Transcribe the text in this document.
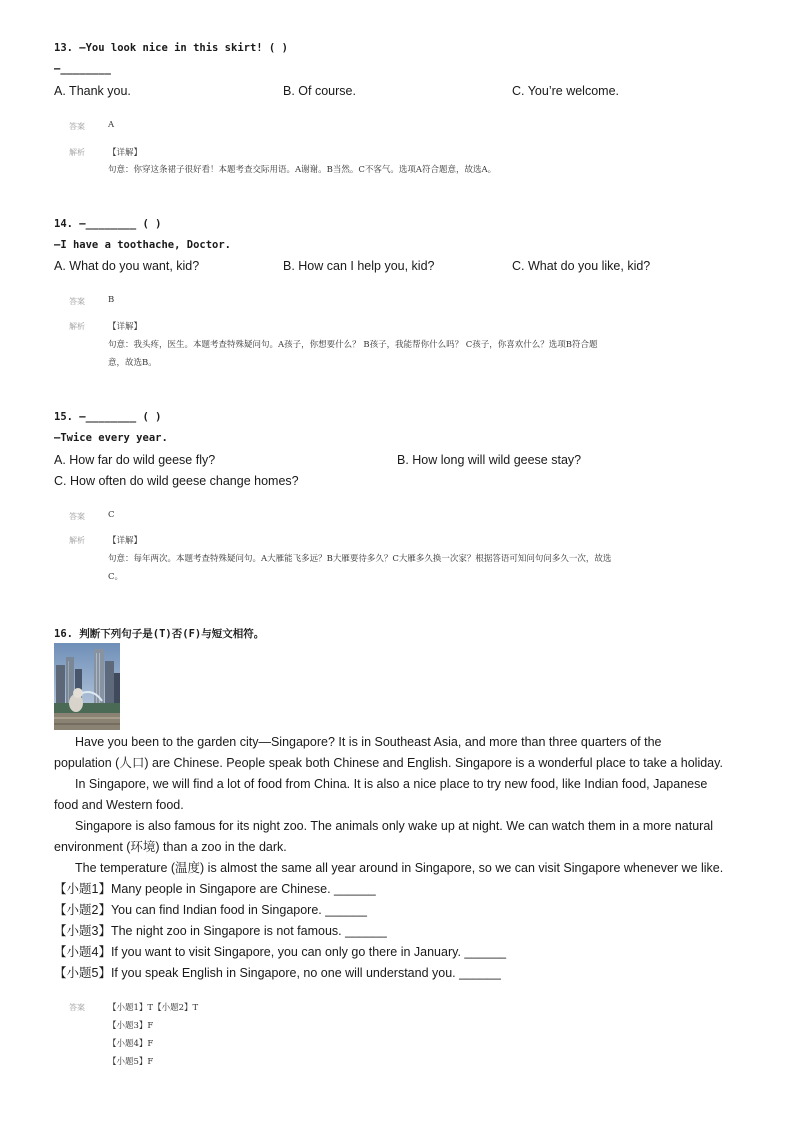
13. —You look nice in this skirt! ( )
—________
A. Thank you.	B. Of course.	C. You’re welcome.
答案	A
解析	【详解】
句意：你穿这条裙子很好看！本题考查交际用语。A谢谢。B当然。C不客气。选项A符合题意，故选A。
14. —________ ( )
—I have a toothache, Doctor.
A. What do you want, kid?	B. How can I help you, kid?	C. What do you like, kid?
答案	B
解析	【详解】
句意：我头疼，医生。本题考查特殊疑问句。A孩子，你想要什么？ B孩子，我能帮你什么吗？ C孩子，你喜欢什么？选项B符合题
意，故选B。
15. —________ ( )
—Twice every year.
A. How far do wild geese fly?	B. How long will wild geese stay?
C. How often do wild geese change homes?
答案	C
解析	【详解】
句意：每年两次。本题考查特殊疑问句。A大雁能飞多远？B大雁要待多久？C大雁多久换一次家？根据答语可知问句问多久一次，故选
C。
16. 判断下列句子是(T)否(F)与短文相符。
Have you been to the garden city—Singapore? It is in Southeast Asia, and more than three quarters of the
population (人口) are Chinese. People speak both Chinese and English. Singapore is a wonderful place to take a holiday.
In Singapore, we will find a lot of food from China. It is also a nice place to try new food, like Indian food, Japanese
food and Western food.
Singapore is also famous for its night zoo. The animals only wake up at night. We can watch them in a more natural
environment (环境) than a zoo in the dark.
The temperature (温度) is almost the same all year around in Singapore, so we can visit Singapore whenever we like.
【小题1】Many people in Singapore are Chinese. ______
【小题2】You can find Indian food in Singapore. ______
【小题3】The night zoo in Singapore is not famous. ______
【小题4】If you want to visit Singapore, you can only go there in January. ______
【小题5】If you speak English in Singapore, no one will understand you. ______
答案	【小题1】T【小题2】T
【小题3】F
【小题4】F
【小题5】F
